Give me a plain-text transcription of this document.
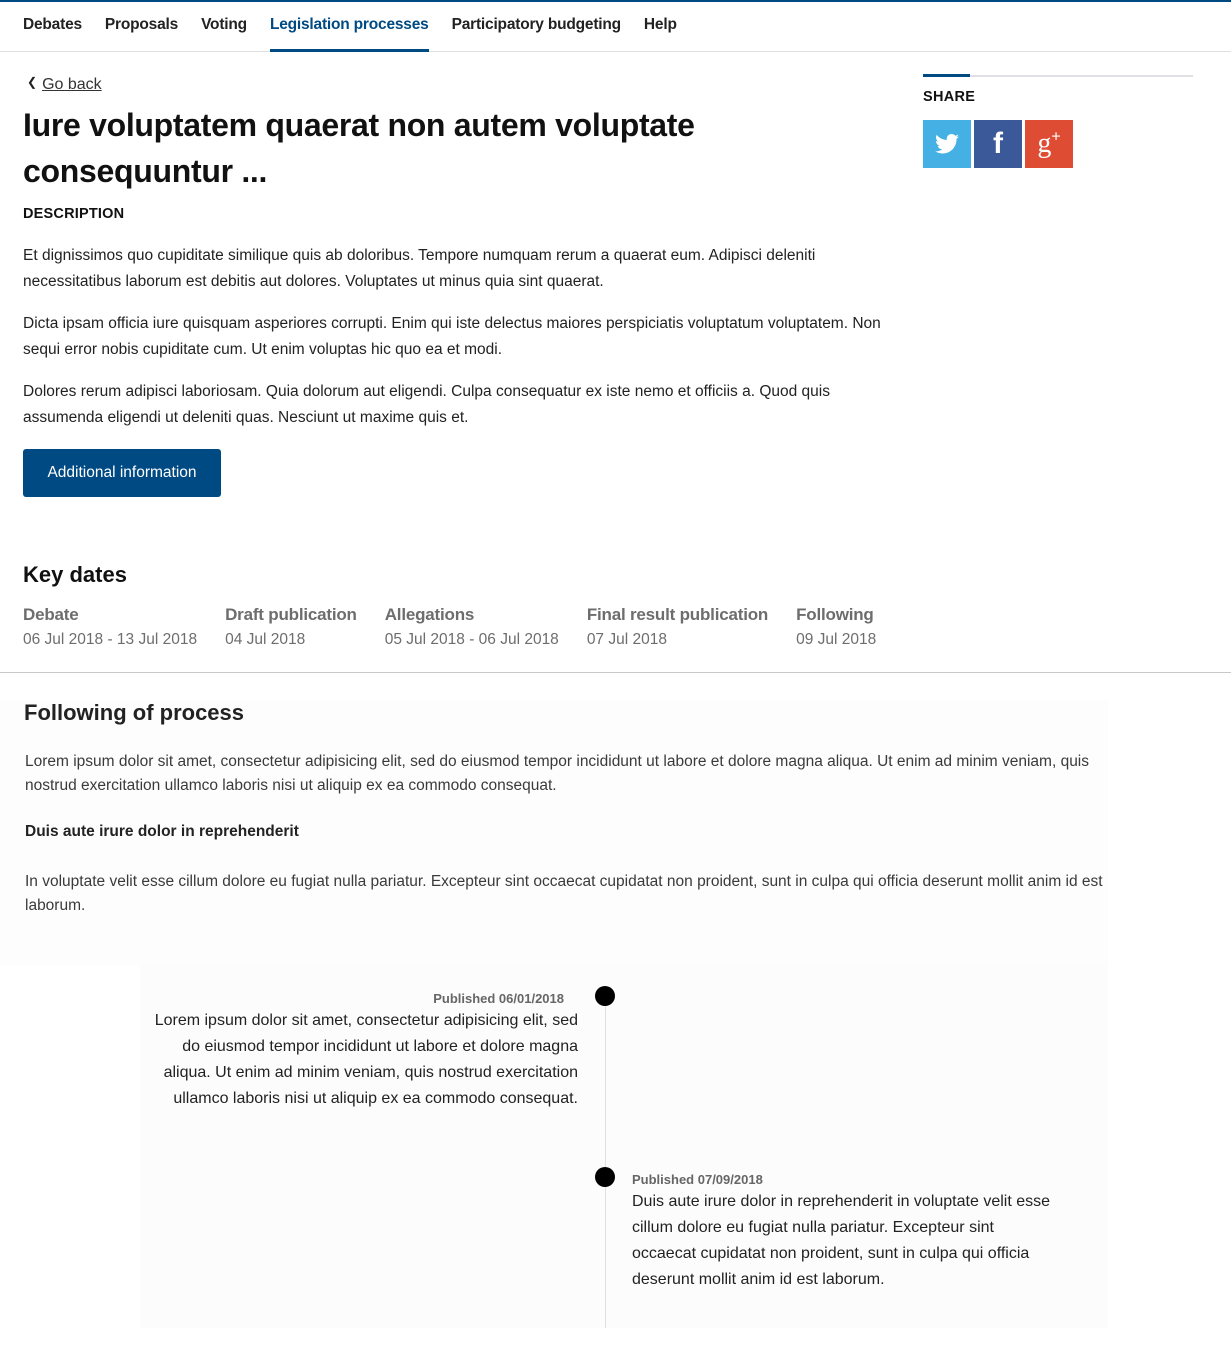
Debates Proposals Voting Legislation processes Participatory budgeting Help
❮ Go back
Iure voluptatem quaerat non autem voluptate consequuntur ...
DESCRIPTION

Et dignissimos quo cupiditate similique quis ab doloribus. Tempore numquam rerum a quaerat eum. Adipisci deleniti necessitatibus laborum est debitis aut dolores. Voluptates ut minus quia sint quaerat.

Dicta ipsam officia iure quisquam asperiores corrupti. Enim qui iste delectus maiores perspiciatis voluptatum voluptatem. Non sequi error nobis cupiditate cum. Ut enim voluptas hic quo ea et modi.

Dolores rerum adipisci laboriosam. Quia dolorum aut eligendi. Culpa consequatur ex iste nemo et officiis a. Quod quis assumenda eligendi ut deleniti quas. Nesciunt ut maxime quis et.

Additional information
SHARE
f g+
Key dates
Debate
06 Jul 2018 - 13 Jul 2018
Draft publication
04 Jul 2018
Allegations
05 Jul 2018 - 06 Jul 2018
Final result publication
07 Jul 2018
Following
09 Jul 2018
Following of process

Lorem ipsum dolor sit amet, consectetur adipisicing elit, sed do eiusmod tempor incididunt ut labore et dolore magna aliqua. Ut enim ad minim veniam, quis nostrud exercitation ullamco laboris nisi ut aliquip ex ea commodo consequat.

Duis aute irure dolor in reprehenderit

In voluptate velit esse cillum dolore eu fugiat nulla pariatur. Excepteur sint occaecat cupidatat non proident, sunt in culpa qui officia deserunt mollit anim id est laborum.

Published 06/01/2018
Lorem ipsum dolor sit amet, consectetur adipisicing elit, sed do eiusmod tempor incididunt ut labore et dolore magna aliqua. Ut enim ad minim veniam, quis nostrud exercitation ullamco laboris nisi ut aliquip ex ea commodo consequat.
Published 07/09/2018
Duis aute irure dolor in reprehenderit in voluptate velit esse cillum dolore eu fugiat nulla pariatur. Excepteur sint occaecat cupidatat non proident, sunt in culpa qui officia deserunt mollit anim id est laborum.
